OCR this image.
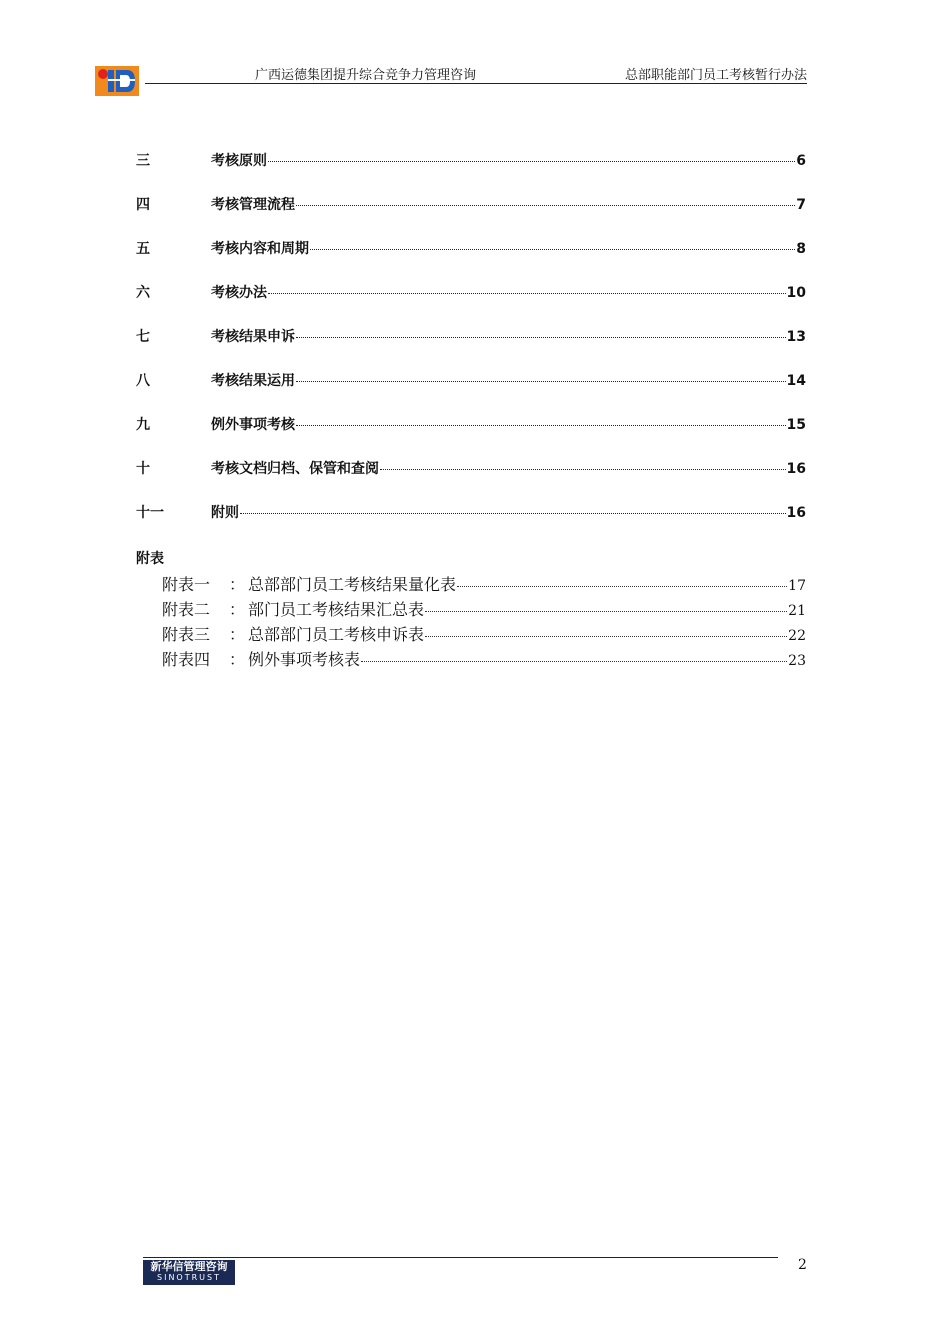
广西运德集团提升综合竞争力管理咨询	总部职能部门员工考核暂行办法
三	考核原则	6
四	考核管理流程	7
五	考核内容和周期	8
六	考核办法	10
七	考核结果申诉	13
八	考核结果运用	14
九	例外事项考核	15
十	考核文档归档、保管和查阅	16
十一	附则	16
附表
附表一	： 总部部门员工考核结果量化表	17
附表二	： 部门员工考核结果汇总表	21
附表三	： 总部部门员工考核申诉表	22
附表四	： 例外事项考核表	23
新华信管理咨询
SINOTRUST
2
